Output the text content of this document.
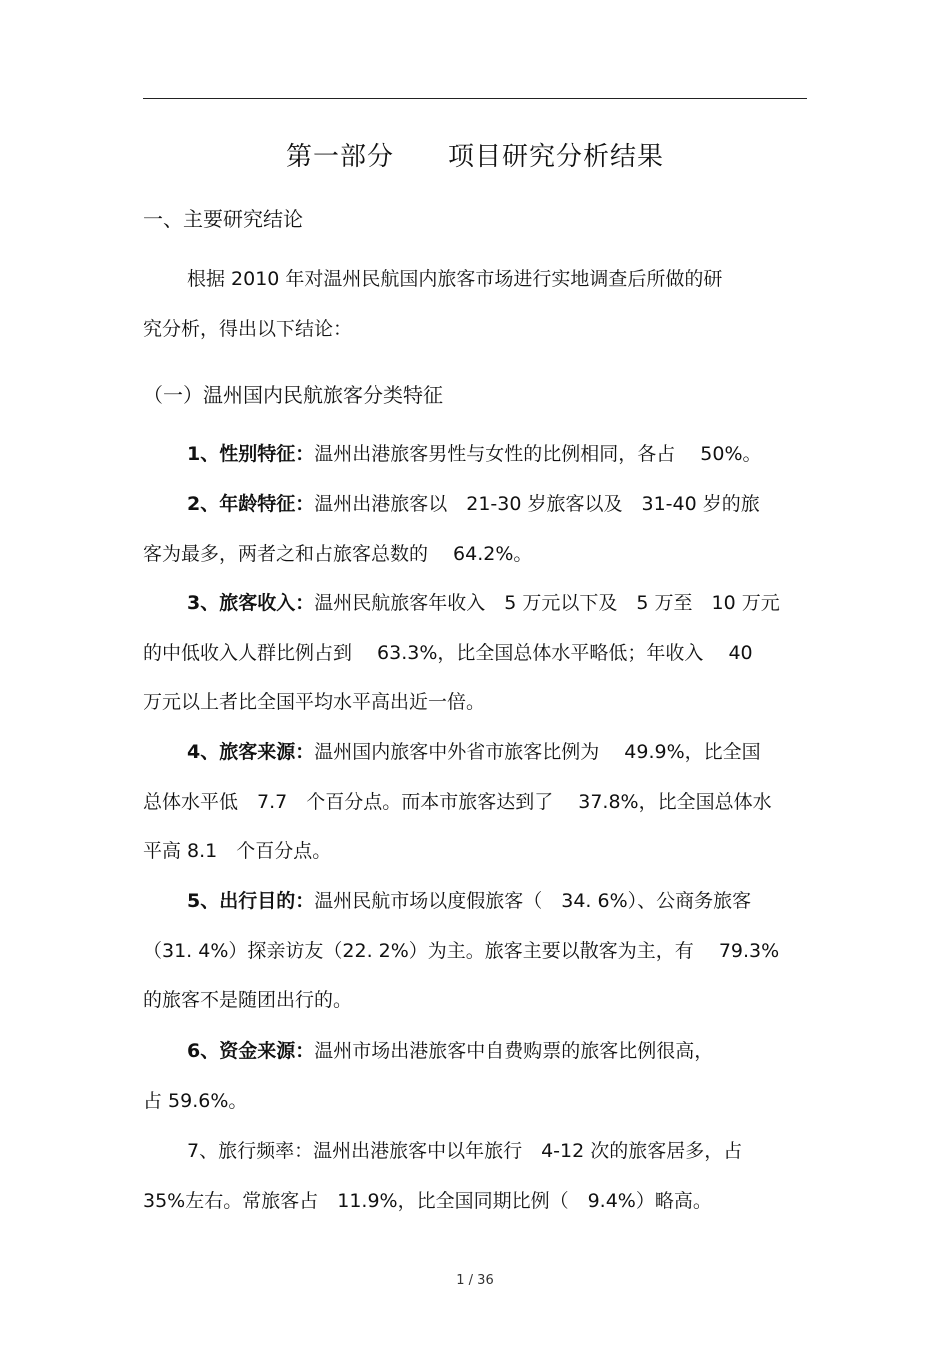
第一部分　　项目研究分析结果
一、主要研究结论
根据 2010 年对温州民航国内旅客市场进行实地调查后所做的研
究分析，得出以下结论：
（一）温州国内民航旅客分类特征
1、性别特征：温州出港旅客男性与女性的比例相同，各占　 50%。
2、年龄特征：温州出港旅客以　21-30 岁旅客以及　31-40 岁的旅
客为最多，两者之和占旅客总数的　 64.2%。
3、旅客收入：温州民航旅客年收入　5 万元以下及　5 万至　10 万元
的中低收入人群比例占到　 63.3%，比全国总体水平略低；年收入　 40
万元以上者比全国平均水平高出近一倍。
4、旅客来源：温州国内旅客中外省市旅客比例为　 49.9%，比全国
总体水平低　7.7　个百分点。而本市旅客达到了　 37.8%，比全国总体水
平高 8.1　个百分点。
5、出行目的：温州民航市场以度假旅客（　34. 6%）、公商务旅客
（31. 4%）探亲访友（22. 2%）为主。旅客主要以散客为主，有　 79.3%
的旅客不是随团出行的。
6、资金来源：温州市场出港旅客中自费购票的旅客比例很高，
占 59.6%。
7、旅行频率：温州出港旅客中以年旅行　4-12 次的旅客居多，占
35%左右。常旅客占　11.9%，比全国同期比例（　9.4%）略高。
1 / 36
